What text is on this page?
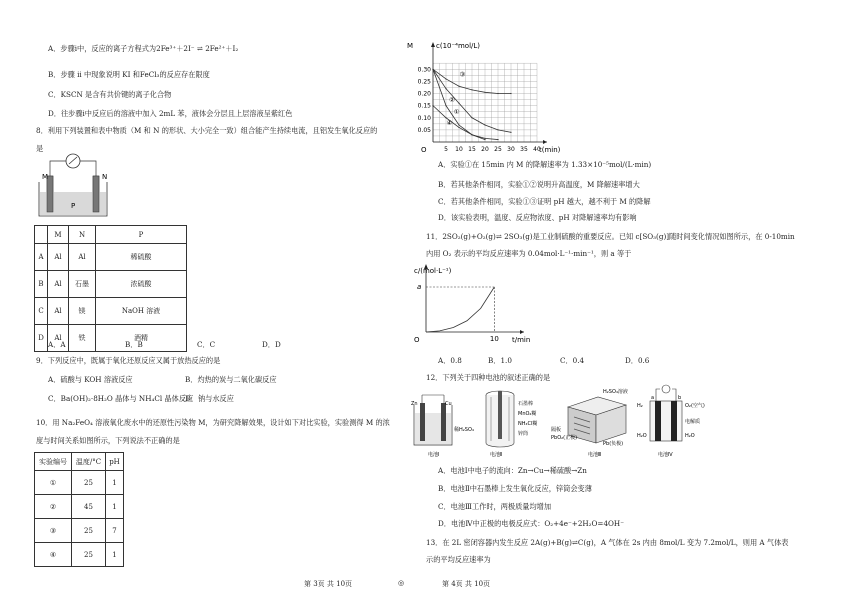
A．步骤ⅰ中，反应的离子方程式为2Fe³⁺＋2I⁻ ⇌ 2Fe²⁺＋I₂
B．步骤 ii 中现象说明 KI 和FeCl₃的反应存在限度
C．KSCN 是含有共价键的离子化合物
D．往步骤ⅰ中反应后的溶液中加入 2mL 苯，液体会分层且上层溶液呈紫红色
8．利用下列装置和表中物质（M 和 N 的形状、大小完全一致）组合能产生持续电流，且铝发生氧化反应的
是
M	N
P
	M	N	P
A	Al	Al	稀硫酸
B	Al	石墨	浓硫酸
C	Al	镁	NaOH 溶液
D	Al	铁	酒精
A．A	B．B	C．C	D．D
9．下列反应中，既属于氧化还原反应又属于放热反应的是
A．硫酸与 KOH 溶液反应	B．灼热的炭与二氧化碳反应
C．Ba(OH)₂·8H₂O 晶体与 NH₄Cl 晶体反应
D．钠与水反应
10．用 Na₂FeO₄ 溶液氧化废水中的还原性污染物 M，为研究降解效果，设计如下对比实验，实验测得 M 的浓
度与时间关系如图所示，下列说法不正确的是
实验编号	温度/°C	pH
①	25	1
②	45	1
③	25	7
④	25	1
M	c(10⁻⁴mol/L)
t(min)
O
0.05
0.10
0.15
0.20
0.25
0.30
5 10 15 20 25 30 35 40
①
②
③
④
A．实验①在 15min 内 M 的降解速率为 1.33×10⁻⁵mol/(L·min)
B．若其他条件相同，实验①②说明升高温度，M 降解速率增大
C．若其他条件相同，实验①③证明 pH 越大，越不利于 M 的降解
D．该实验表明，温度、反应物浓度、pH 对降解速率均有影响
11．2SO₂(g)+O₂(g)⇌ 2SO₃(g)是工业制硫酸的重要反应。已知 c[SO₃(g)]随时间变化情况如图所示，在 0-10min
内用 O₂ 表示的平均反应速率为 0.04mol·L⁻¹·min⁻¹，则 a 等于
c/(mol·L⁻¹)
t/min
O
a
10
A．0.8	B．1.0	C．0.4	D．0.6
12．下列关于四种电池的叙述正确的是
Zn	Cu
稀H₂SO₄
电池Ⅰ
石墨棒
MnO₂糊
NH₄Cl糊
锌筒
电池Ⅱ
H₂SO₄溶液
隔板
PbO₂(正极)
Pb(负极)
电池Ⅲ
a	b
H₂	O₂(空气)
电解质
H₂O	H₂O
电池Ⅳ
A．电池Ⅰ中电子的流向：Zn→Cu→稀硫酸→Zn
B．电池Ⅱ中石墨棒上发生氧化反应，锌筒会变薄
C．电池Ⅲ工作时，两极质量均增加
D．电池Ⅳ中正极的电极反应式：O₂+4e⁻+2H₂O=4OH⁻
13．在 2L 密闭容器内发生反应 2A(g)+B(g)⇌C(g)，A 气体在 2s 内由 8mol/L 变为 7.2mol/L，则用 A 气体表
示的平均反应速率为
第 3页 共 10页	◎	第 4页 共 10页
